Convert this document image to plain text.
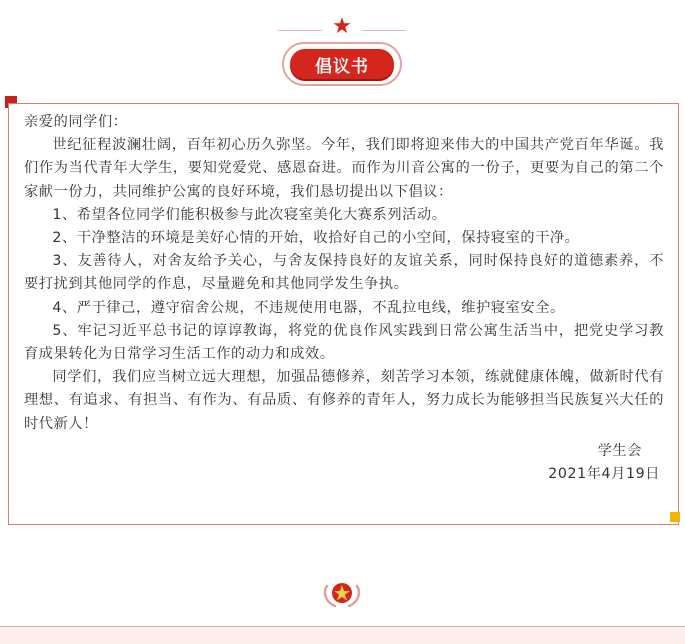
★
倡议书

亲爱的同学们：

世纪征程波澜壮阔，百年初心历久弥坚。今年，我们即将迎来伟大的中国共产党百年华诞。我们作为当代青年大学生，要知党爱党、感恩奋进。而作为川音公寓的一份子，更要为自己的第二个家献一份力，共同维护公寓的良好环境，我们恳切提出以下倡议：

1、希望各位同学们能积极参与此次寝室美化大赛系列活动。

2、干净整洁的环境是美好心情的开始，收拾好自己的小空间，保持寝室的干净。

3、友善待人，对舍友给予关心，与舍友保持良好的友谊关系，同时保持良好的道德素养，不要打扰到其他同学的作息，尽量避免和其他同学发生争执。

4、严于律己，遵守宿舍公规，不违规使用电器，不乱拉电线，维护寝室安全。

5、牢记习近平总书记的谆谆教诲，将党的优良作风实践到日常公寓生活当中，把党史学习教育成果转化为日常学习生活工作的动力和成效。

同学们，我们应当树立远大理想，加强品德修养，刻苦学习本领，练就健康体魄，做新时代有理想、有追求、有担当、有作为、有品质、有修养的青年人，努力成长为能够担当民族复兴大任的时代新人！

学生会

2021年4月19日
